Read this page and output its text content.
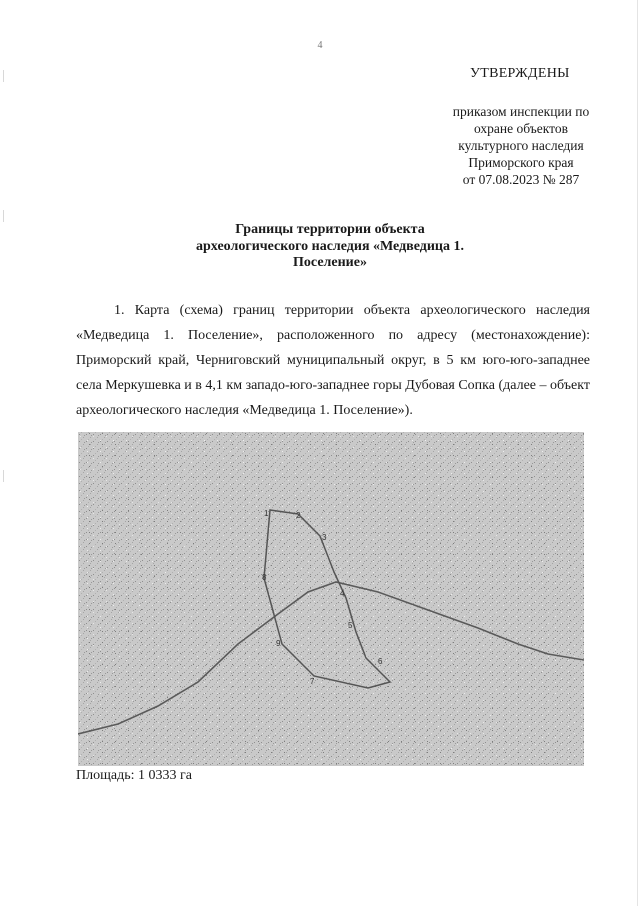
4
УТВЕРЖДЕНЫ
приказом инспекции по
охране объектов
культурного наследия
Приморского края
от 07.08.2023 № 287
Границы территории объекта
археологического наследия «Медведица 1.
Поселение»
1. Карта (схема) границ территории объекта археологического наследия «Медведица 1. Поселение», расположенного по адресу (местонахождение): Приморский край, Черниговский муниципальный округ, в 5 км юго-юго-западнее села Меркушевка и в 4,1 км западо-юго-западнее горы Дубовая Сопка (далее – объект археологического наследия «Медведица 1. Поселение»).
1	2
3
4
5
6
7
8
9
Площадь: 1 0333 га
